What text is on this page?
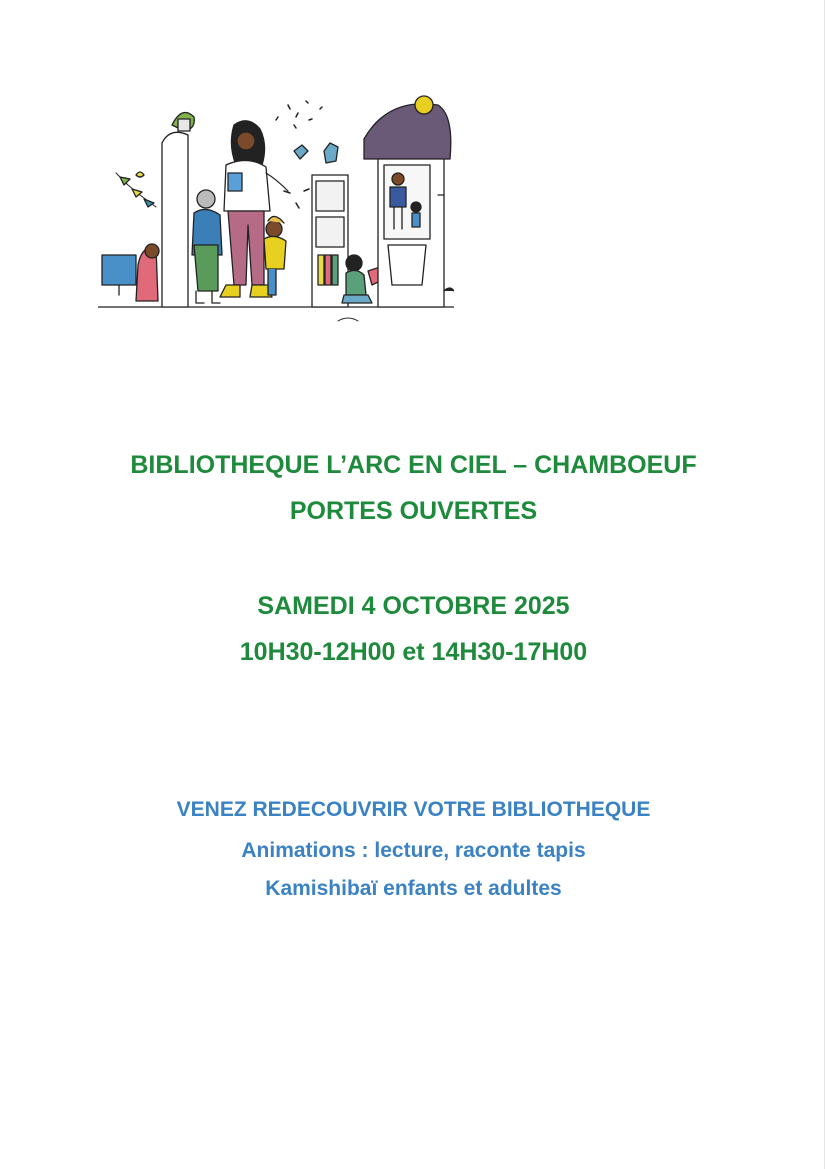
BIBLIOTHEQUE L’ARC EN CIEL – CHAMBOEUF
PORTES OUVERTES
SAMEDI 4 OCTOBRE 2025
10H30-12H00 et 14H30-17H00
VENEZ REDECOUVRIR VOTRE BIBLIOTHEQUE
Animations : lecture, raconte tapis
Kamishibaï enfants et adultes
